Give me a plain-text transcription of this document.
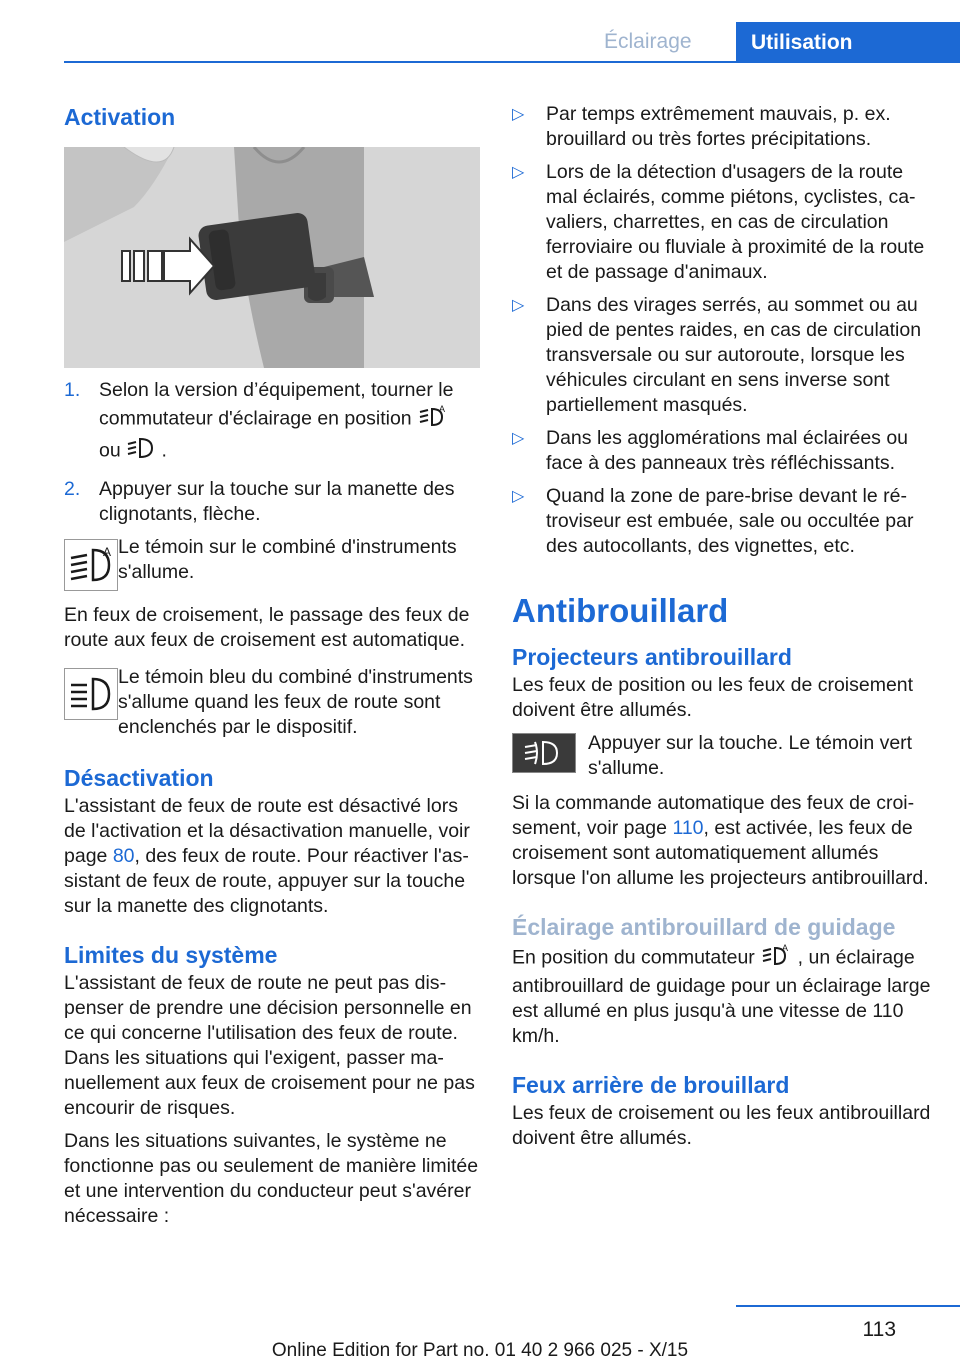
Éclairage	Utilisation
Activation
1. Selon la version d’équipement, tourner le commutateur d'éclairage en position	A

ou .
2. Appuyer sur la touche sur la manette des clignotants, flèche.
A Le témoin sur le combiné d'instruments s'allume.

En feux de croisement, le passage des feux de route aux feux de croisement est automatique.

Le témoin bleu du combiné d'instruments s'allume quand les feux de route sont enclenchés par le dispositif.

Désactivation

L'assistant de feux de route est désactivé lors de l'activation et la désactivation manuelle, voir page 80, des feux de route. Pour réactiver l'assistant de feux de route, appuyer sur la touche sur la manette des clignotants.

Limites du système

L'assistant de feux de route ne peut pas dispenser de prendre une décision personnelle en ce qui concerne l'utilisation des feux de route. Dans les situations qui l'exigent, passer manuellement aux feux de croisement pour ne pas encourir de risques.

Dans les situations suivantes, le système ne fonctionne pas ou seulement de manière limitée et une intervention du conducteur peut s'avérer nécessaire :

▷ Par temps extrêmement mauvais, p. ex. brouillard ou très fortes précipitations.
▷ Lors de la détection d'usagers de la route mal éclairés, comme piétons, cyclistes, cavaliers, charrettes, en cas de circulation ferroviaire ou fluviale à proximité de la route et de passage d'animaux.
▷ Dans des virages serrés, au sommet ou au pied de pentes raides, en cas de circulation transversale ou sur autoroute, lorsque les véhicules circulant en sens inverse sont partiellement masqués.
▷ Dans les agglomérations mal éclairées ou face à des panneaux très réfléchissants.
▷ Quand la zone de pare-brise devant le rétroviseur est embuée, sale ou occultée par des autocollants, des vignettes, etc.
Antibrouillard
Projecteurs antibrouillard

Les feux de position ou les feux de croisement doivent être allumés.

Appuyer sur la touche. Le témoin vert s'allume.

Si la commande automatique des feux de croisement, voir page 110, est activée, les feux de croisement sont automatiquement allumés lorsque l'on allume les projecteurs antibrouillard.

Éclairage antibrouillard de guidage

En position du commutateur	A , un éclairage antibrouillard de guidage pour un éclairage large est allumé en plus jusqu'à une vitesse de 110 km/h.

Feux arrière de brouillard

Les feux de croisement ou les feux antibrouillard doivent être allumés.

113
Online Edition for Part no. 01 40 2 966 025 - X/15
